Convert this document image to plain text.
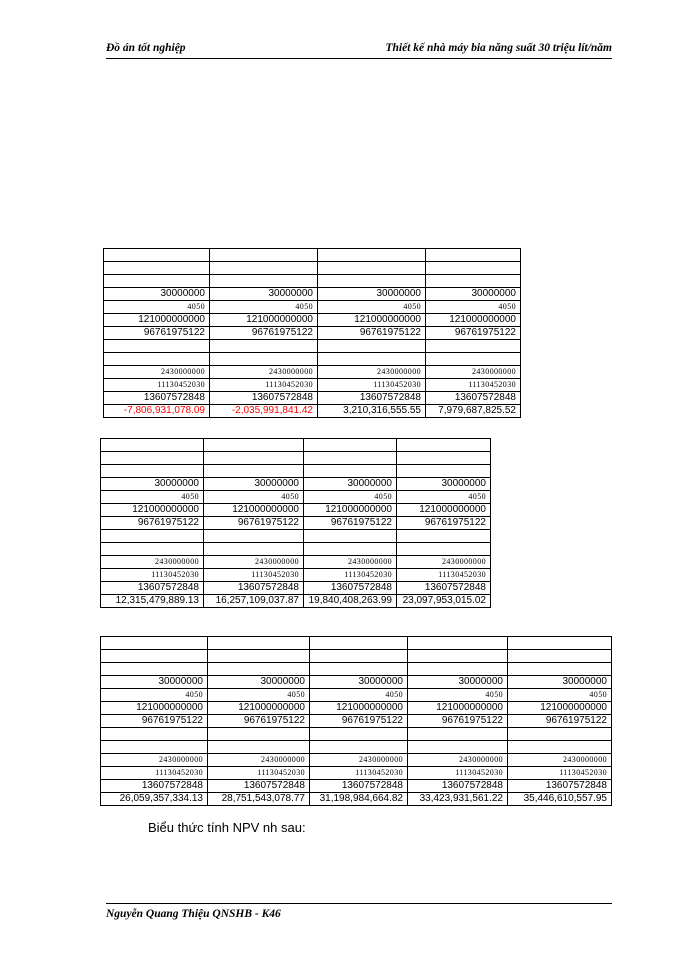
Đồ án tốt nghiệp	Thiết kế nhà máy bia năng suất 30 triệu lít/năm

30000000	30000000	30000000	30000000
4050	4050	4050	4050
121000000000	121000000000	121000000000	121000000000
96761975122	96761975122	96761975122	96761975122

2430000000	2430000000	2430000000	2430000000
11130452030	11130452030	11130452030	11130452030
13607572848	13607572848	13607572848	13607572848
-7,806,931,078.09	-2,035,991,841.42	3,210,316,555.55	7,979,687,825.52

30000000	30000000	30000000	30000000
4050	4050	4050	4050
121000000000	121000000000	121000000000	121000000000
96761975122	96761975122	96761975122	96761975122

2430000000	2430000000	2430000000	2430000000
11130452030	11130452030	11130452030	11130452030
13607572848	13607572848	13607572848	13607572848
12,315,479,889.13	16,257,109,037.87	19,840,408,263.99	23,097,953,015.02

30000000	30000000	30000000	30000000	30000000
4050	4050	4050	4050	4050
121000000000	121000000000	121000000000	121000000000	121000000000
96761975122	96761975122	96761975122	96761975122	96761975122

2430000000	2430000000	2430000000	2430000000	2430000000
11130452030	11130452030	11130452030	11130452030	11130452030
13607572848	13607572848	13607572848	13607572848	13607572848
26,059,357,334.13	28,751,543,078.77	31,198,984,664.82	33,423,931,561.22	35,446,610,557.95
Biểu thức tính NPV nh sau:
Nguyễn Quang Thiệu QNSHB - K46
